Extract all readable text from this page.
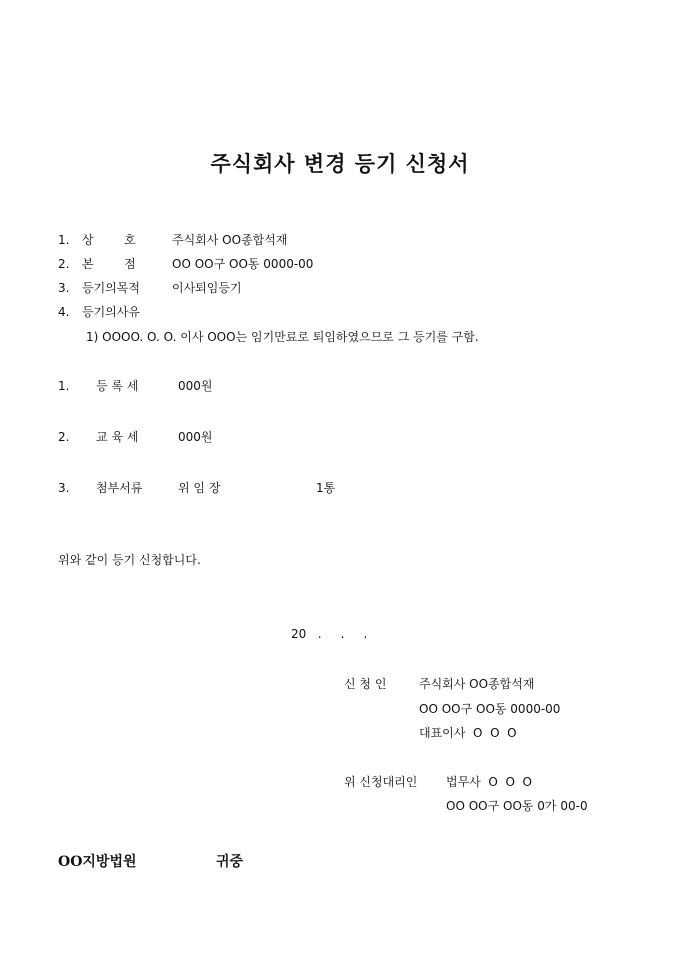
주식회사 변경 등기 신청서
1. 상        호	주식회사 OO종합석재
2. 본        점	OO OO구 OO동 0000-00
3. 등기의목적	이사퇴임등기
4. 등기의사유
1) OOOO. O. O. 이사 OOO는 임기만료로 퇴임하였으므로 그 등기를 구함.
1. 등 록 세	000원
2. 교 육 세	000원
3. 첨부서류	위 임 장	1통
위와 같이 등기 신청합니다.
20   .     .     .
신 청 인	주식회사 OO종합석재
OO OO구 OO동 0000-00
대표이사  O  O  O
위 신청대리인 법무사  O  O  O
OO OO구 OO동 0가 00-0
OO지방법원	귀중
